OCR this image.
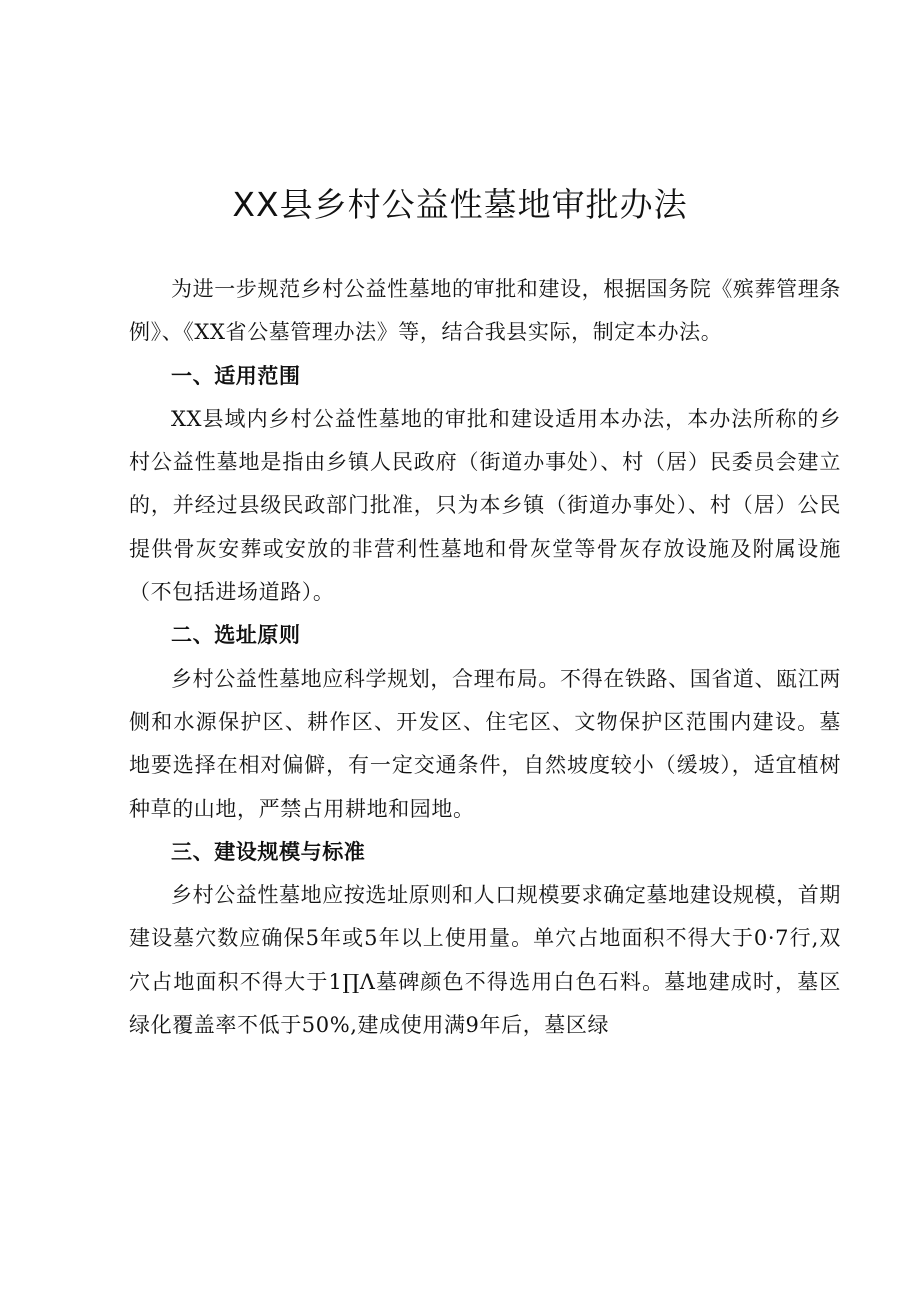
XX县乡村公益性墓地审批办法

为进一步规范乡村公益性墓地的审批和建设，根据国务院《殡葬管理条例》、《XX省公墓管理办法》等，结合我县实际，制定本办法。

一、适用范围

XX县域内乡村公益性墓地的审批和建设适用本办法，本办法所称的乡村公益性墓地是指由乡镇人民政府（街道办事处）、村（居）民委员会建立的，并经过县级民政部门批准，只为本乡镇（街道办事处）、村（居）公民提供骨灰安葬或安放的非营利性墓地和骨灰堂等骨灰存放设施及附属设施（不包括进场道路）。

二、选址原则

乡村公益性墓地应科学规划，合理布局。不得在铁路、国省道、瓯江两侧和水源保护区、耕作区、开发区、住宅区、文物保护区范围内建设。墓地要选择在相对偏僻，有一定交通条件，自然坡度较小（缓坡），适宜植树种草的山地，严禁占用耕地和园地。

三、建设规模与标准

乡村公益性墓地应按选址原则和人口规模要求确定墓地建设规模，首期建设墓穴数应确保5年或5年以上使用量。单穴占地面积不得大于0·7行,双穴占地面积不得大于1∏Λ墓碑颜色不得选用白色石料。墓地建成时，墓区绿化覆盖率不低于50%,建成使用满9年后，墓区绿
